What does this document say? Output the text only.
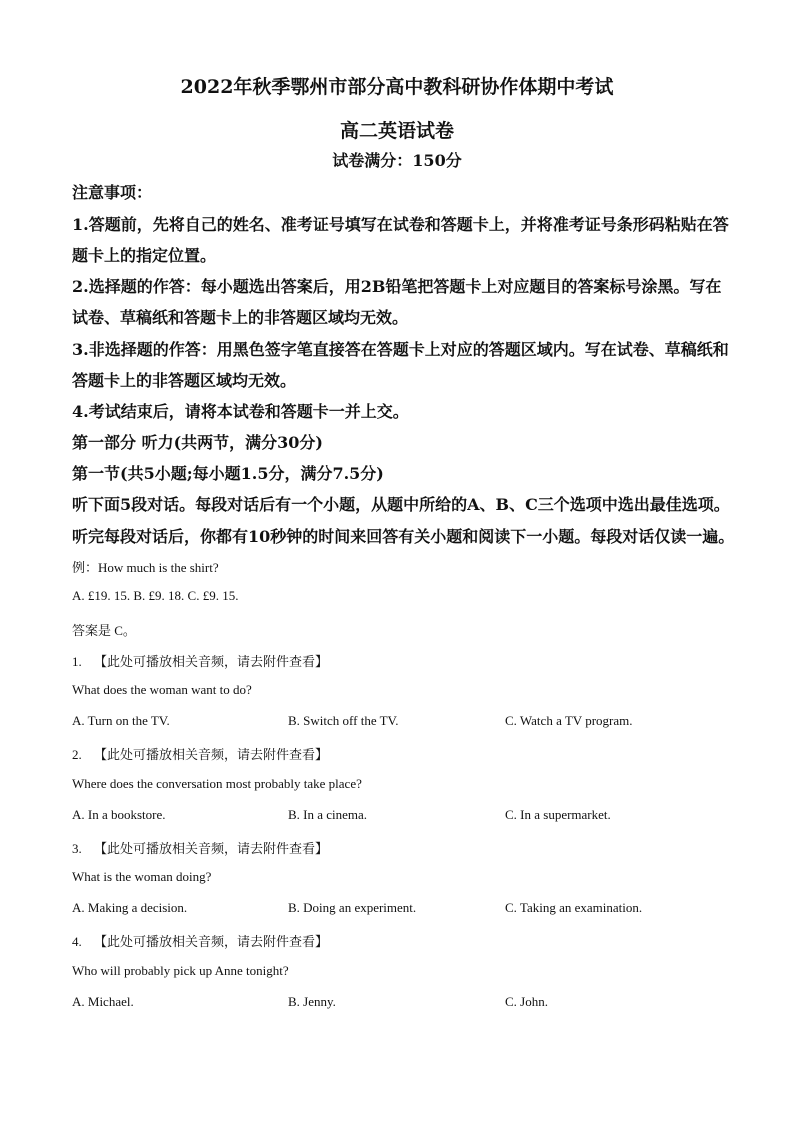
2022年秋季鄂州市部分高中教科研协作体期中考试
高二英语试卷
试卷满分：150分
注意事项：
1.答题前，先将自己的姓名、准考证号填写在试卷和答题卡上，并将准考证号条形码粘贴在答
题卡上的指定位置。
2.选择题的作答：每小题选出答案后，用2B铅笔把答题卡上对应题目的答案标号涂黑。写在
试卷、草稿纸和答题卡上的非答题区域均无效。
3.非选择题的作答：用黑色签字笔直接答在答题卡上对应的答题区域内。写在试卷、草稿纸和
答题卡上的非答题区域均无效。
4.考试结束后，请将本试卷和答题卡一并上交。
第一部分 听力(共两节，满分30分)
第一节(共5小题;每小题1.5分，满分7.5分)
听下面5段对话。每段对话后有一个小题，从题中所给的A、B、C三个选项中选出最佳选项。
听完每段对话后，你都有10秒钟的时间来回答有关小题和阅读下一小题。每段对话仅读一遍。
例：How much is the shirt?
A. £19. 15. B. £9. 18. C. £9. 15.
答案是 C。
1. 【此处可播放相关音频，请去附件查看】
What does the woman want to do?
A. Turn on the TV.	B. Switch off the TV.	C. Watch a TV program.
2. 【此处可播放相关音频，请去附件查看】
Where does the conversation most probably take place?
A. In a bookstore.	B. In a cinema.	C. In a supermarket.
3. 【此处可播放相关音频，请去附件查看】
What is the woman doing?
A. Making a decision.	B. Doing an experiment.	C. Taking an examination.
4. 【此处可播放相关音频，请去附件查看】
Who will probably pick up Anne tonight?
A. Michael.	B. Jenny.	C. John.
